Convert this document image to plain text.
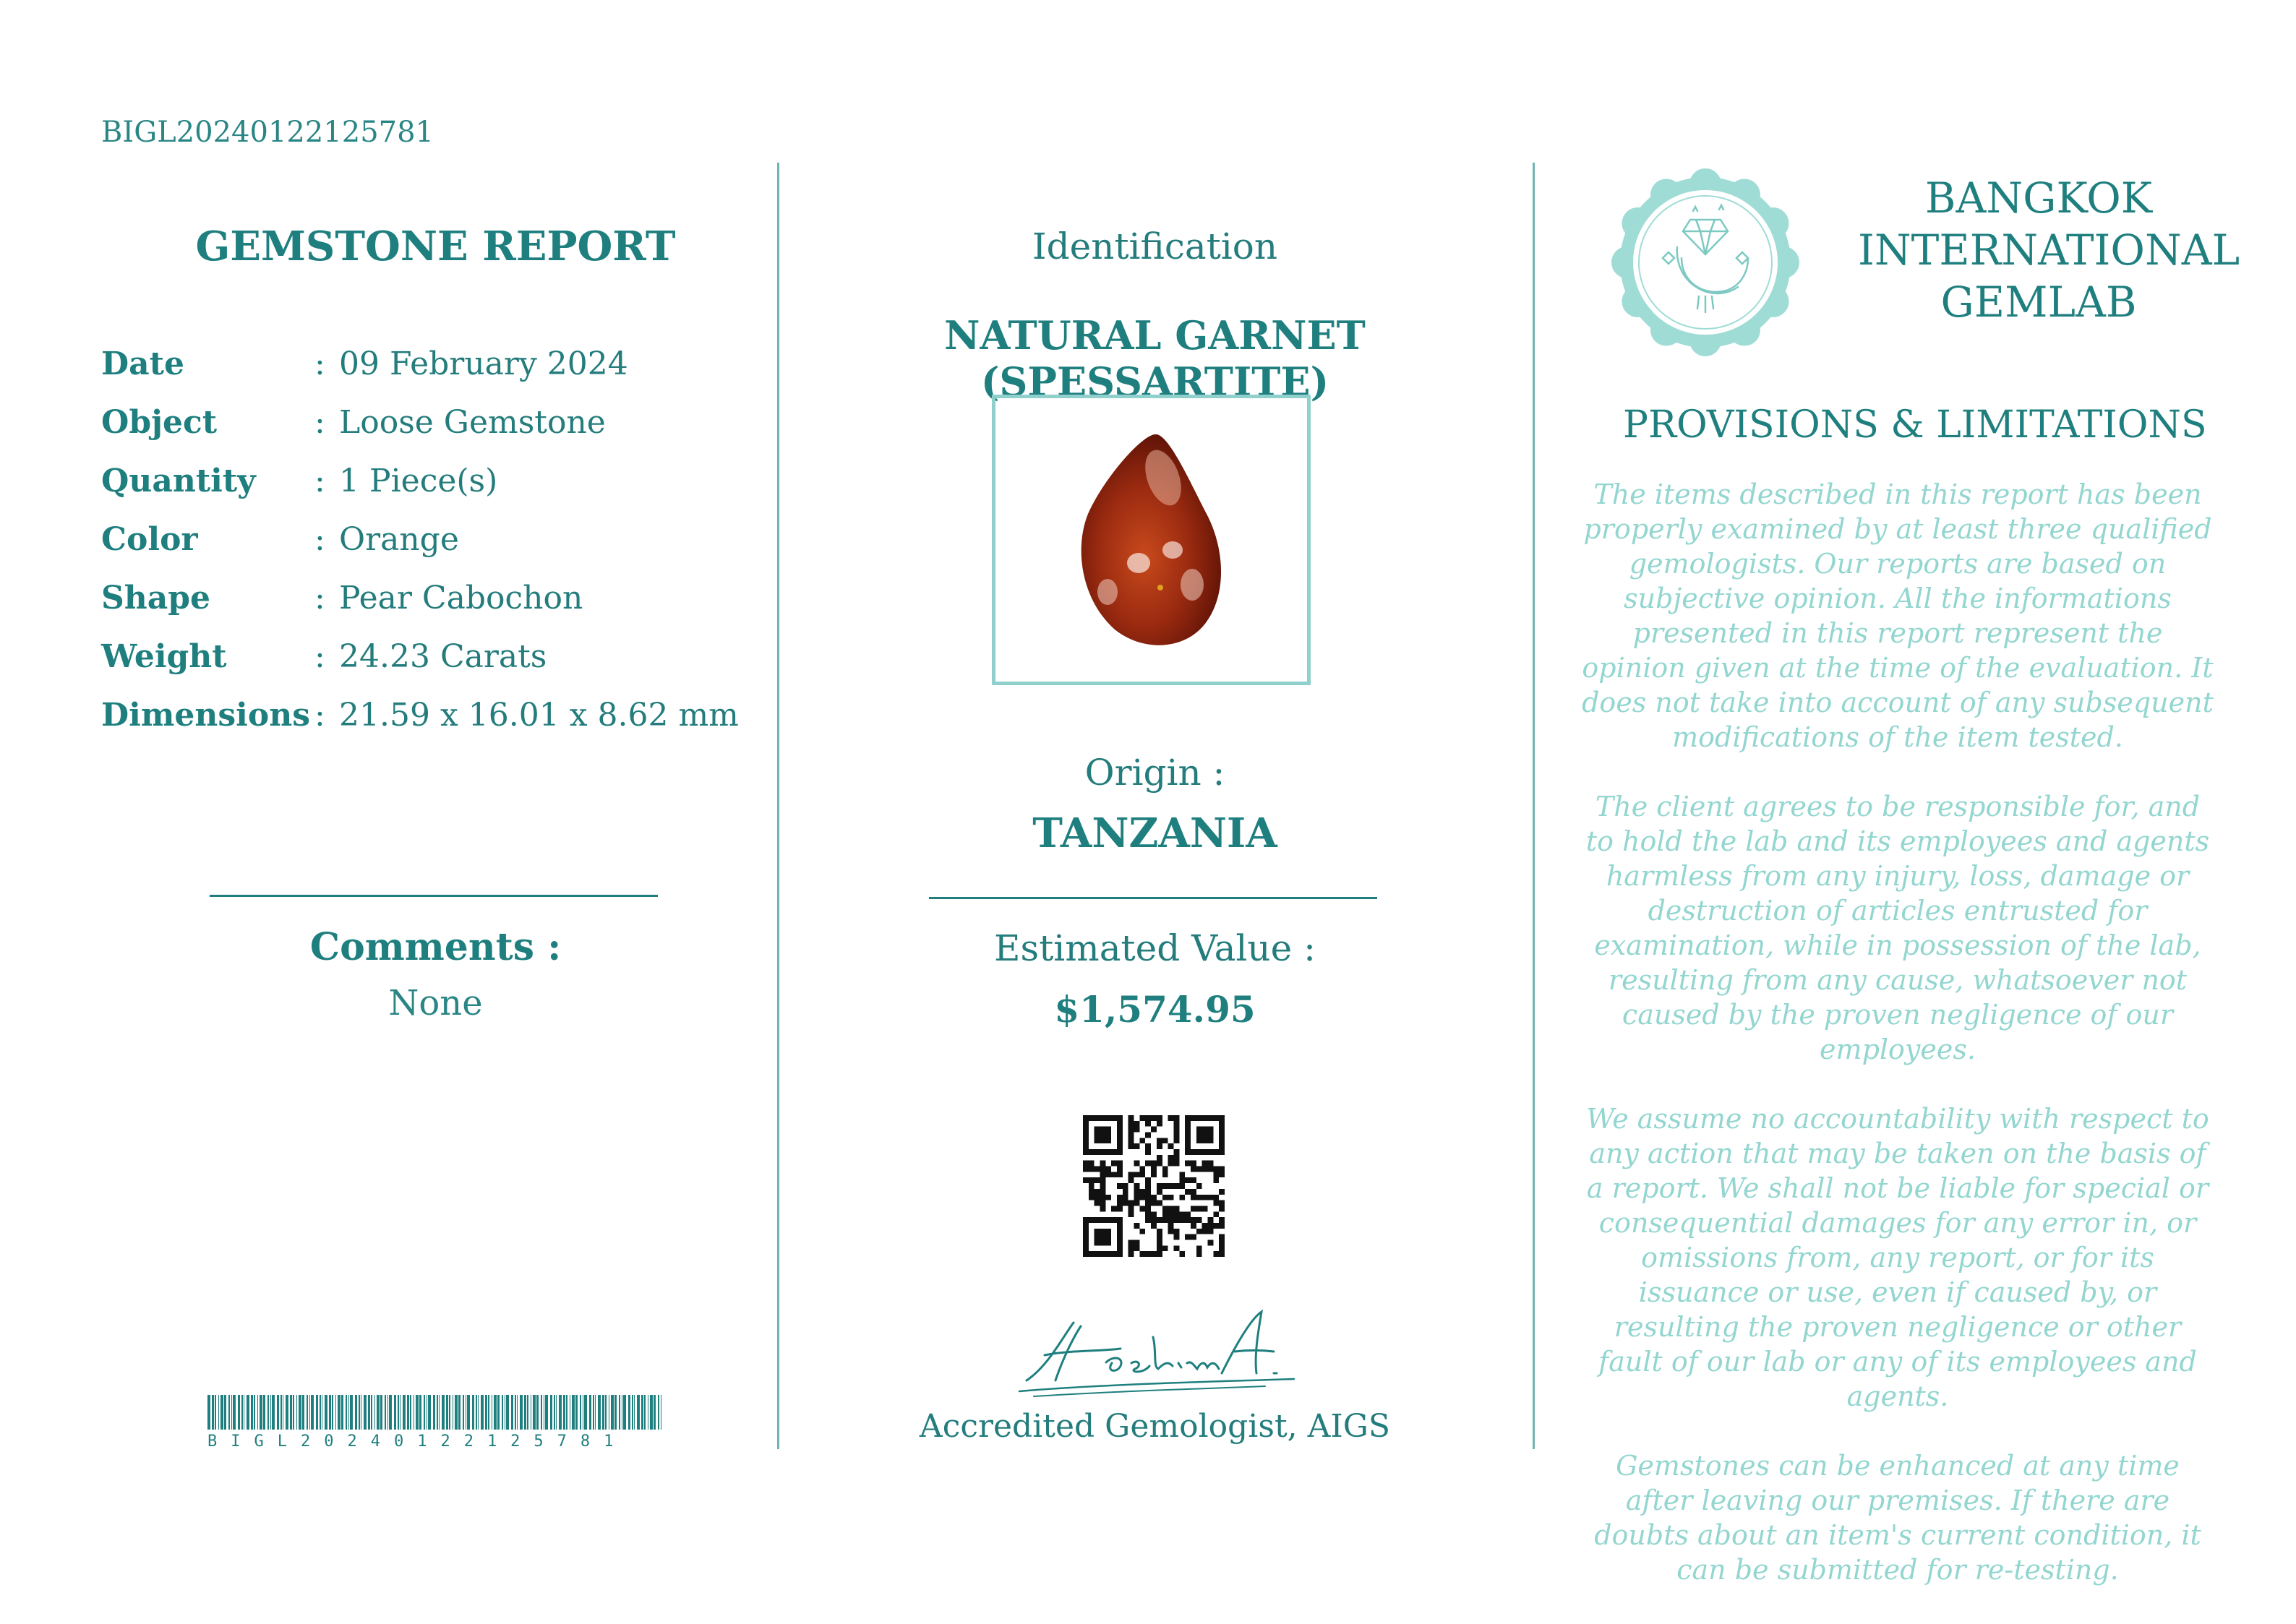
BIGL20240122125781
GEMSTONE REPORT
Date	: 09 February 2024
Object	: Loose Gemstone
Quantity	: 1 Piece(s)
Color	: Orange
Shape	: Pear Cabochon
Weight	: 24.23 Carats
Dimensions : 21.59 x 16.01 x 8.62 mm
Comments :
None
BIGL20240122125781
Identification
NATURAL GARNET (SPESSARTITE)
Origin :
TANZANIA
Estimated Value :
$1,574.95
Accredited Gemologist, AIGS
BANGKOK
INTERNATIONAL
GEMLAB
PROVISIONS & LIMITATIONS

The items described in this report has been properly examined by at least three qualified gemologists. Our reports are based on subjective opinion. All the informations presented in this report represent the opinion given at the time of the evaluation. It does not take into account of any subsequent modifications of the item tested.

The client agrees to be responsible for, and to hold the lab and its employees and agents harmless from any injury, loss, damage or destruction of articles entrusted for examination, while in possession of the lab, resulting from any cause, whatsoever not caused by the proven negligence of our employees.

We assume no accountability with respect to any action that may be taken on the basis of a report. We shall not be liable for special or consequential damages for any error in, or omissions from, any report, or for its issuance or use, even if caused by, or resulting the proven negligence or other fault of our lab or any of its employees and agents.

Gemstones can be enhanced at any time after leaving our premises. If there are doubts about an item's current condition, it can be submitted for re-testing.
